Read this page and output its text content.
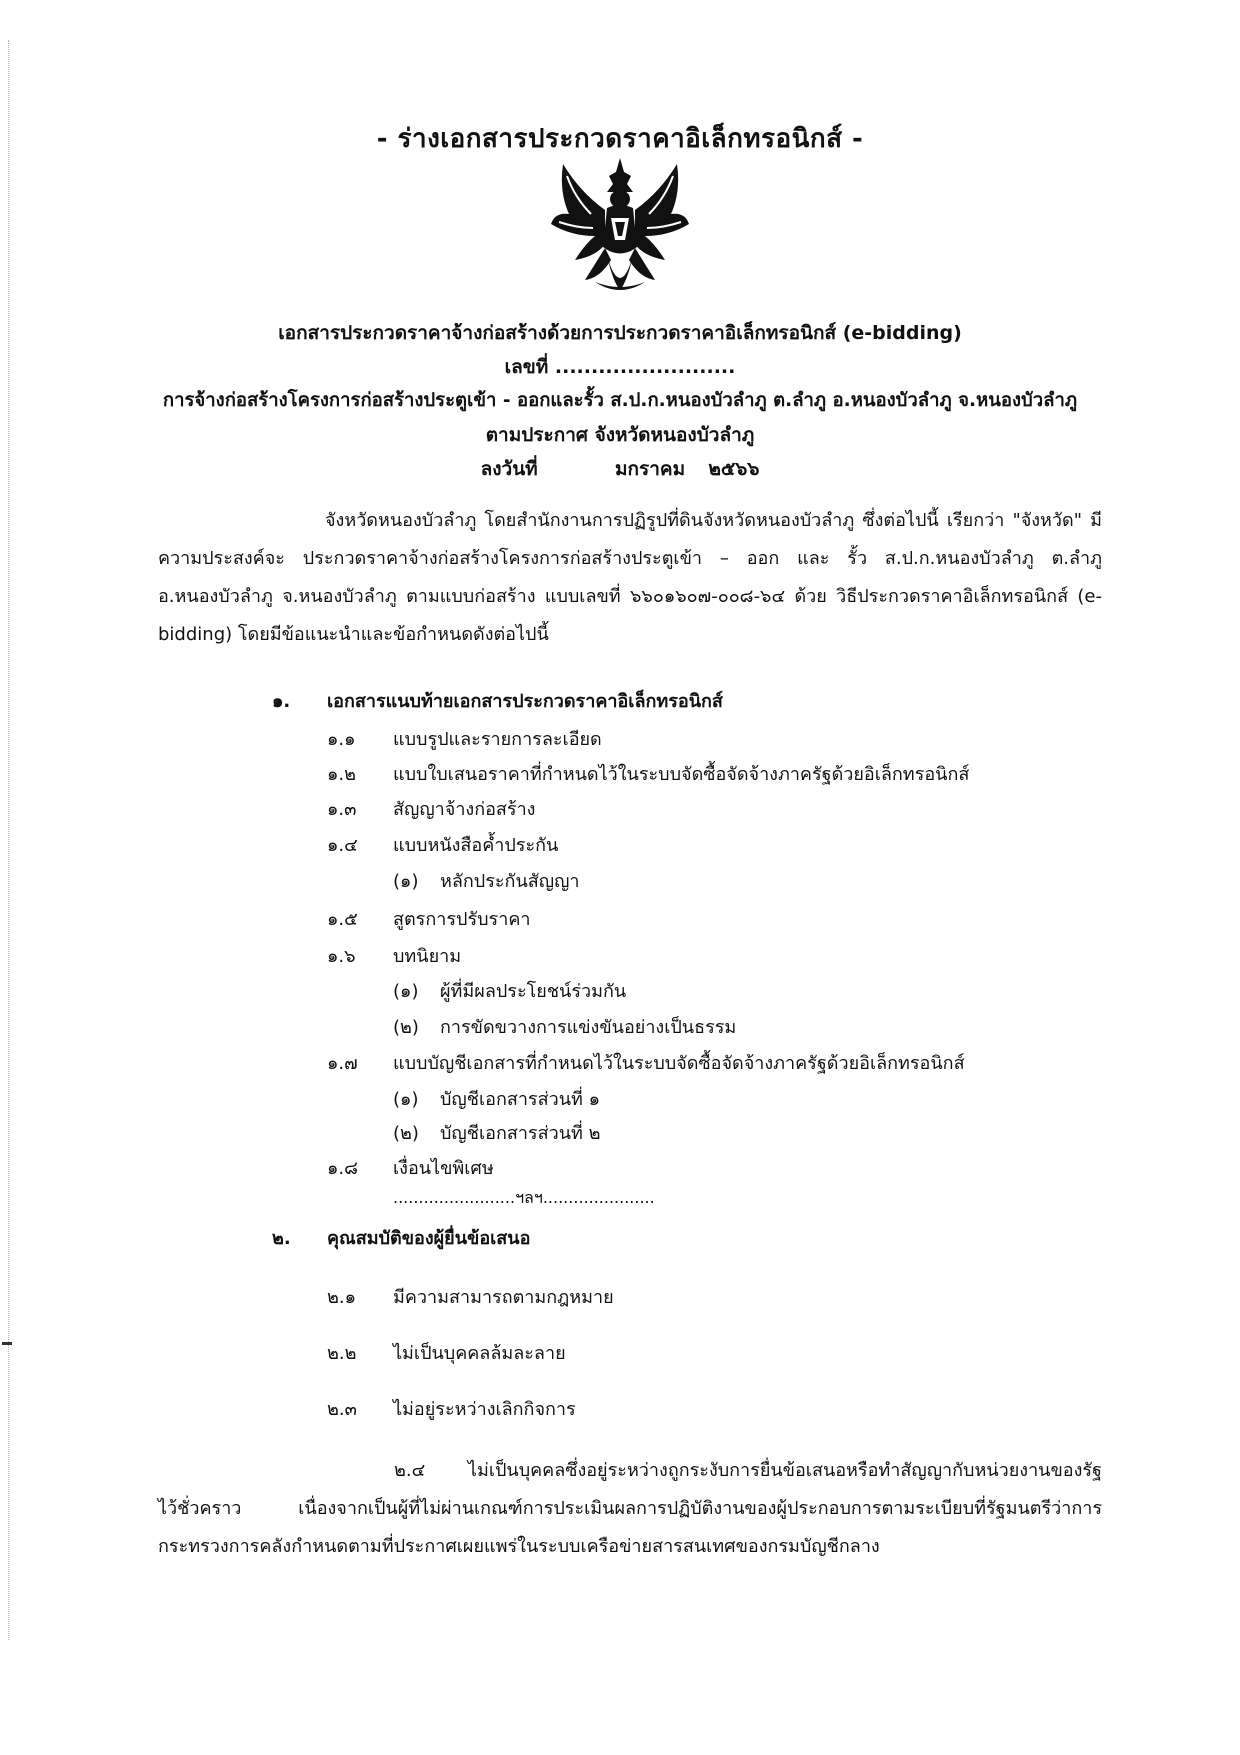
- ร่างเอกสารประกวดราคาอิเล็กทรอนิกส์ -
เอกสารประกวดราคาจ้างก่อสร้างด้วยการประกวดราคาอิเล็กทรอนิกส์ (e-bidding)
เลขที่ .........................
การจ้างก่อสร้างโครงการก่อสร้างประตูเข้า - ออกและรั้ว ส.ป.ก.หนองบัวลำภู ต.ลำภู อ.หนองบัวลำภู จ.หนองบัวลำภู
ตามประกาศ จังหวัดหนองบัวลำภู
ลงวันที่	มกราคม ๒๕๖๖
จังหวัดหนองบัวลำภู โดยสำนักงานการปฏิรูปที่ดินจังหวัดหนองบัวลำภู ซึ่งต่อไปนี้ เรียกว่า "จังหวัด" มีความประสงค์จะ ประกวดราคาจ้างก่อสร้างโครงการก่อสร้างประตูเข้า – ออก และ รั้ว ส.ป.ก.หนองบัวลำภู ต.ลำภู อ.หนองบัวลำภู จ.หนองบัวลำภู ตามแบบก่อสร้าง แบบเลขที่ ๖๖๐๑๖๐๗-๐๐๘-๖๔ ด้วย วิธีประกวดราคาอิเล็กทรอนิกส์ (e-bidding) โดยมีข้อแนะนำและข้อกำหนดดังต่อไปนี้
๑. เอกสารแนบท้ายเอกสารประกวดราคาอิเล็กทรอนิกส์
๑.๑ แบบรูปและรายการละเอียด
๑.๒ แบบใบเสนอราคาที่กำหนดไว้ในระบบจัดซื้อจัดจ้างภาครัฐด้วยอิเล็กทรอนิกส์
๑.๓ สัญญาจ้างก่อสร้าง
๑.๔ แบบหนังสือค้ำประกัน
(๑) หลักประกันสัญญา
๑.๕ สูตรการปรับราคา
๑.๖ บทนิยาม
(๑) ผู้ที่มีผลประโยชน์ร่วมกัน
(๒) การขัดขวางการแข่งขันอย่างเป็นธรรม
๑.๗ แบบบัญชีเอกสารที่กำหนดไว้ในระบบจัดซื้อจัดจ้างภาครัฐด้วยอิเล็กทรอนิกส์
(๑) บัญชีเอกสารส่วนที่ ๑
(๒) บัญชีเอกสารส่วนที่ ๒
๑.๘ เงื่อนไขพิเศษ
........................ฯลฯ......................
๒. คุณสมบัติของผู้ยื่นข้อเสนอ
๒.๑ มีความสามารถตามกฎหมาย
๒.๒ ไม่เป็นบุคคลล้มละลาย
๒.๓ ไม่อยู่ระหว่างเลิกกิจการ
๒.๔ ไม่เป็นบุคคลซึ่งอยู่ระหว่างถูกระงับการยื่นข้อเสนอหรือทำสัญญากับหน่วยงานของรัฐไว้ชั่วคราว เนื่องจากเป็นผู้ที่ไม่ผ่านเกณฑ์การประเมินผลการปฏิบัติงานของผู้ประกอบการตามระเบียบที่รัฐมนตรีว่าการกระทรวงการคลังกำหนดตามที่ประกาศเผยแพร่ในระบบเครือข่ายสารสนเทศของกรมบัญชีกลาง
